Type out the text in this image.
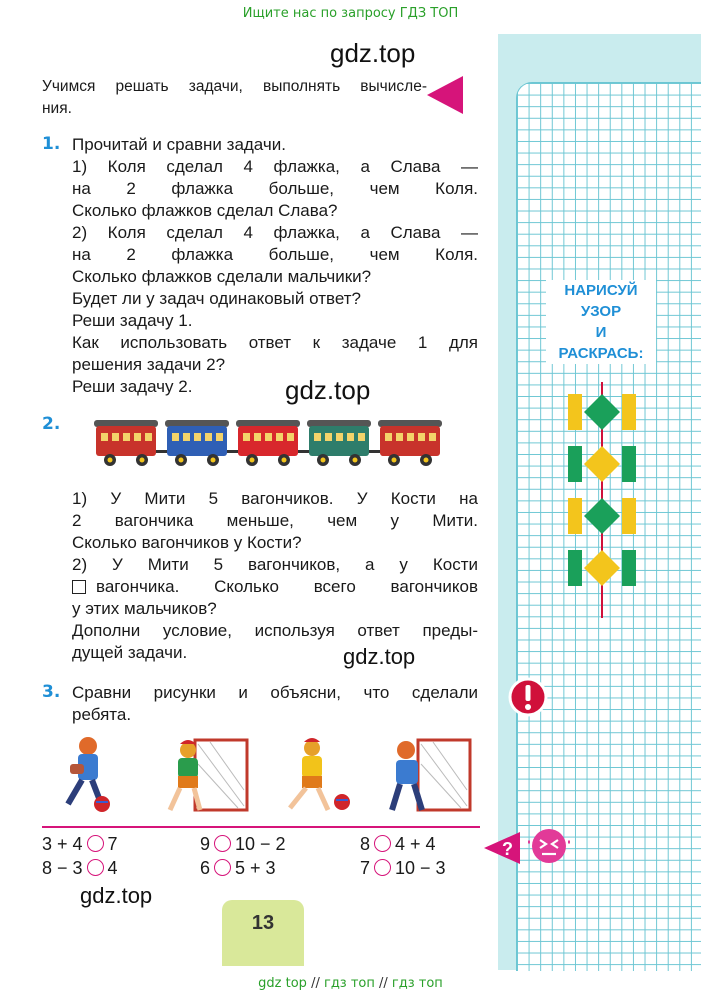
Ищите нас по запросу ГДЗ ТОП
gdz.top
gdz.top
gdz.top
gdz.top
Учимся решать задачи, выполнять вычисле-
ния.
1. Прочитай и сравни задачи.
1) Коля сделал 4 флажка, а Слава —
на 2 флажка больше, чем Коля.
Сколько флажков сделал Слава?
2) Коля сделал 4 флажка, а Слава —
на 2 флажка больше, чем Коля.
Сколько флажков сделали мальчики?
Будет ли у задач одинаковый ответ?
Реши задачу 1.
Как использовать ответ к задаче 1 для
решения задачи 2?
Реши задачу 2.
2.
1) У Мити 5 вагончиков. У Кости на
2 вагончика меньше, чем у Мити.
Сколько вагончиков у Кости?
2) У Мити 5 вагончиков, а у Кости
вагончика. Сколько всего вагончиков
у этих мальчиков?
Дополни условие, используя ответ преды-
дущей задачи.
3. Сравни рисунки и объясни, что сделали
ребята.
3 + 4 7	9 10 − 2	8 4 + 4
8 − 3 4	6 5 + 3	7 10 − 3
НАРИСУЙ
УЗОР
И
РАСКРАСЬ:
?
13
gdz top // гдз топ // гдз топ
